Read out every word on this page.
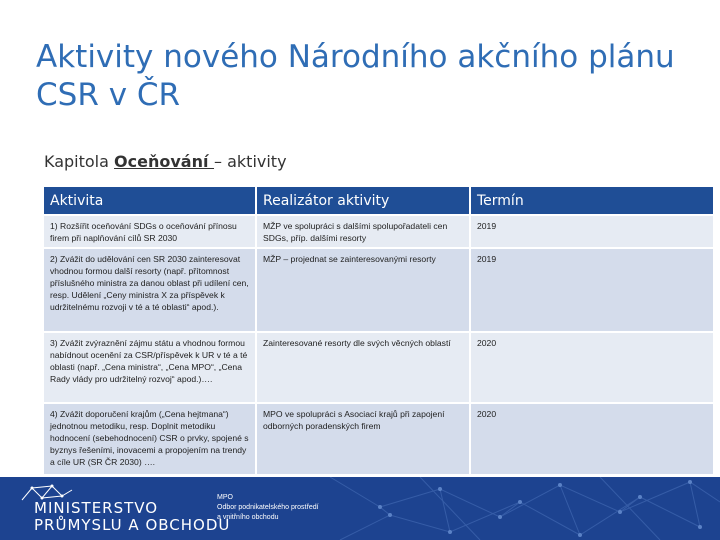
Aktivity nového Národního akčního plánu CSR v ČR
Kapitola Oceňování – aktivity
Aktivita	Realizátor aktivity	Termín
1) Rozšířit oceňování SDGs o oceňování přínosu firem při naplňování cílů SR 2030	MŽP ve spolupráci s dalšími spolupořadateli cen SDGs, příp. dalšími resorty	2019
2) Zvážit do udělování cen SR 2030 zainteresovat vhodnou formou další resorty (např. přítomnost příslušného ministra za danou oblast při udílení cen, resp. Udělení „Ceny ministra X za příspěvek k udržitelnému rozvoji v té a té oblasti“ apod.).	MŽP – projednat se zainteresovanými resorty	2019
3) Zvážit zvýraznění zájmu státu a vhodnou formou nabídnout ocenění za CSR/příspěvek k UR v té a té oblasti (např. „Cena ministra“, „Cena MPO“, „Cena Rady vlády pro udržitelný rozvoj“ apod.)….	Zainteresované resorty dle svých věcných oblastí	2020
4) Zvážit doporučení krajům („Cena hejtmana“) jednotnou metodiku, resp. Doplnit metodiku hodnocení (sebehodnocení) CSR o prvky, spojené s byznys řešeními, inovacemi a propojením na trendy a cíle UR (SR ČR 2030) ….	MPO ve spolupráci s Asociací krajů při zapojení odborných poradenských firem	2020
MINISTERSTVO
PRŮMYSLU A OBCHODU
MPO
Odbor podnikatelského prostředí
a vnitřního obchodu
